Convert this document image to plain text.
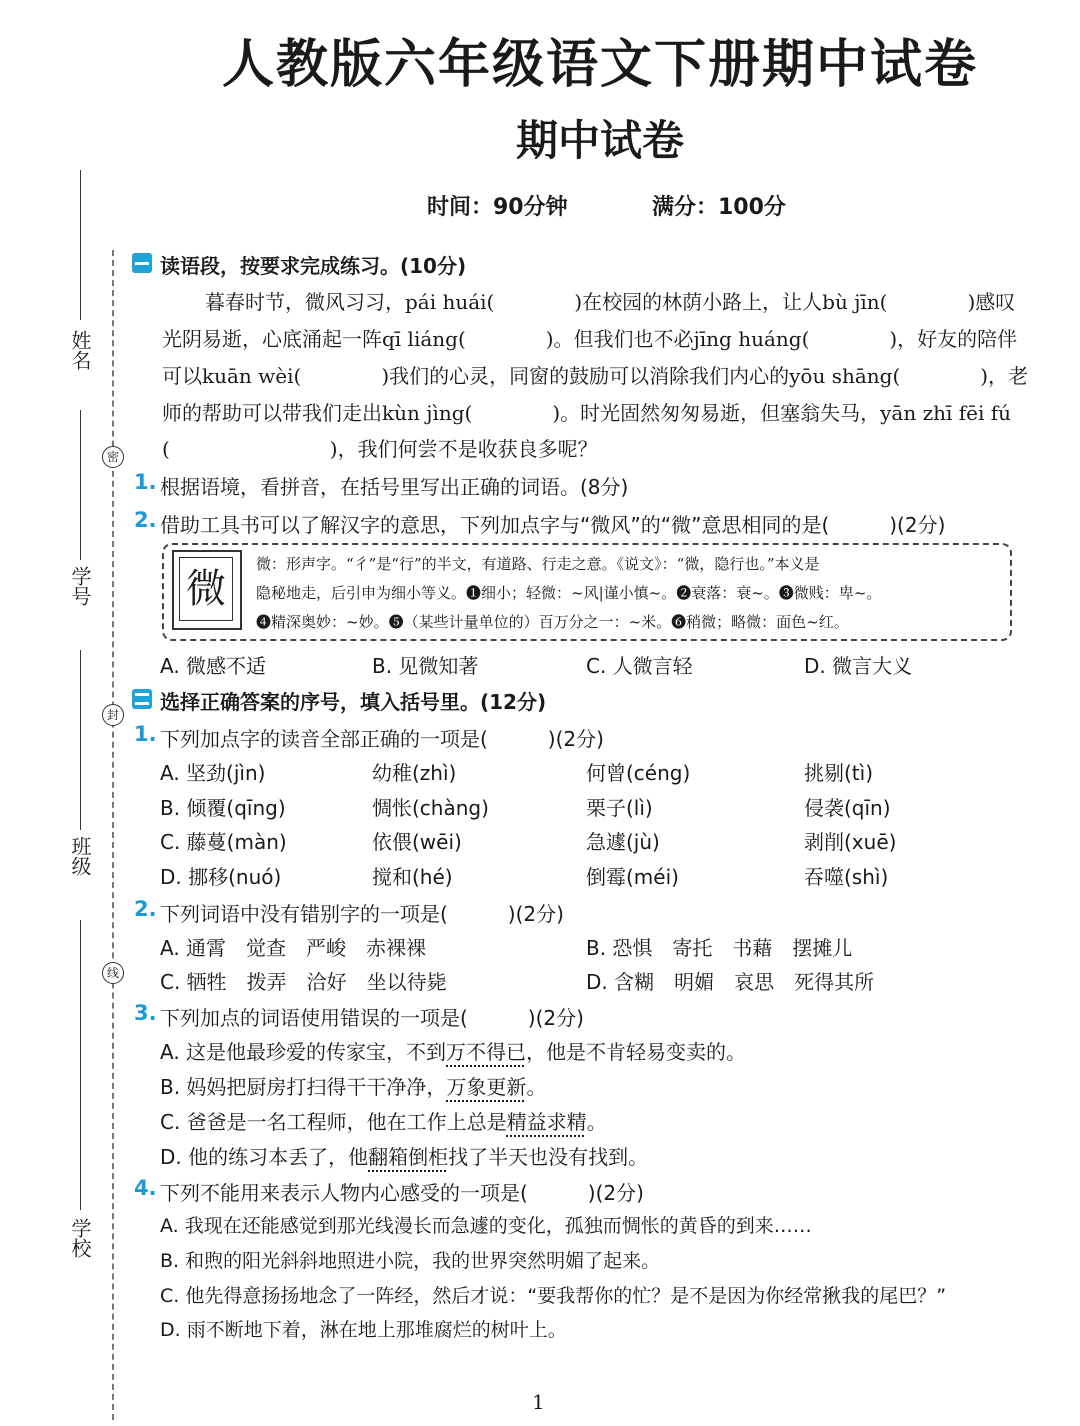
姓名
学号
班级
学校
密
封
线
人教版六年级语文下册期中试卷
期中试卷
时间：90分钟	满分：100分
读语段，按要求完成练习。(10分)
暮春时节，微风习习，pái huái(　　　　)在校园的林荫小路上，让人bù jīn(　　　　)感叹
光阴易逝，心底涌起一阵qī liáng(　　　　)。但我们也不必jīng huáng(　　　　)，好友的陪伴
可以kuān wèi(　　　　)我们的心灵，同窗的鼓励可以消除我们内心的yōu shāng(　　　　)，老
师的帮助可以带我们走出kùn jìng(　　　　)。时光固然匆匆易逝，但塞翁失马，yān zhī fēi fú
(　　　　　　　　)，我们何尝不是收获良多呢？
1. 根据语境，看拼音，在括号里写出正确的词语。(8分)
2. 借助工具书可以了解汉字的意思，下列加点字与“微风”的“微”意思相同的是(　　　)(2分)
微
微：形声字。“彳”是“行”的半文，有道路、行走之意。《说文》：“微，隐行也。”本义是
隐秘地走，后引申为细小等义。❶细小；轻微：~风|谨小慎~。❷衰落：衰~。❸微贱：卑~。
❹精深奥妙：~妙。❺（某些计量单位的）百万分之一：~米。❻稍微；略微：面色~红。
A. 微感不适	B. 见微知著	C. 人微言轻	D. 微言大义
选择正确答案的序号，填入括号里。(12分)
1. 下列加点字的读音全部正确的一项是(　　　)(2分)
A. 坚劲(jìn)	幼稚(zhì)	何曾(céng)	挑剔(tì)
B. 倾覆(qīng)	惆怅(chàng)	栗子(lì)	侵袭(qīn)
C. 藤蔓(màn)	依偎(wēi)	急遽(jù)	剥削(xuē)
D. 挪移(nuó)	搅和(hé)	倒霉(méi)	吞噬(shì)
2. 下列词语中没有错别字的一项是(　　　)(2分)
A. 通霄　觉查　严峻　赤裸裸	B. 恐惧　寄托　书藉　摆摊儿
C. 牺牲　拨弄　洽好　坐以待毙	D. 含糊　明媚　哀思　死得其所
3. 下列加点的词语使用错误的一项是(　　　)(2分)
A. 这是他最珍爱的传家宝，不到万不得已，他是不肯轻易变卖的。
B. 妈妈把厨房打扫得干干净净，万象更新。
C. 爸爸是一名工程师，他在工作上总是精益求精。
D. 他的练习本丢了，他翻箱倒柜找了半天也没有找到。
4. 下列不能用来表示人物内心感受的一项是(　　　)(2分)
A. 我现在还能感觉到那光线漫长而急遽的变化，孤独而惆怅的黄昏的到来……
B. 和煦的阳光斜斜地照进小院，我的世界突然明媚了起来。
C. 他先得意扬扬地念了一阵经，然后才说：“要我帮你的忙？是不是因为你经常揪我的尾巴？”
D. 雨不断地下着，淋在地上那堆腐烂的树叶上。
1
